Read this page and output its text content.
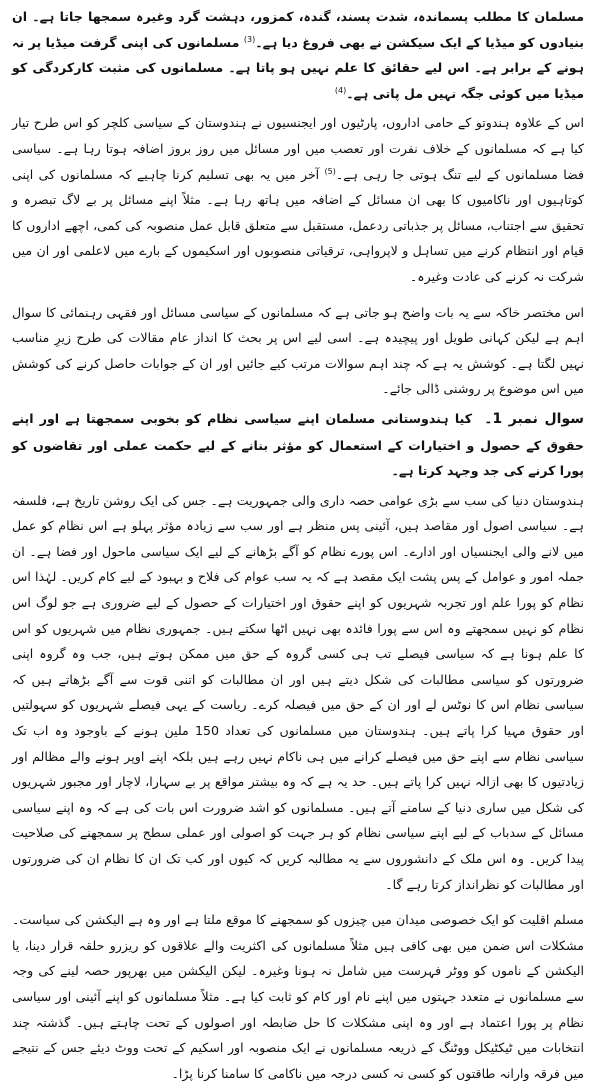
مسلمان کا مطلب پسماندہ، شدت پسند، گندہ، کمزور، دہشت گرد وغیرہ سمجھا جاتا ہے۔ ان بنیادوں کو میڈیا کے ایک سیکشن نے بھی فروغ دیا ہے۔$^{(3)}$ مسلمانوں کی اپنی گرفت میڈیا پر نہ ہونے کے برابر ہے۔ اس لیے حقائق کا علم نہیں ہو پاتا ہے۔ مسلمانوں کی مثبت کارکردگی کو میڈیا میں کوئی جگہ نہیں مل پاتی ہے۔$^{(4)}$

اس کے علاوہ ہندوتو کے حامی اداروں، پارٹیوں اور ایجنسیوں نے ہندوستان کے سیاسی کلچر کو اس طرح تیار کیا ہے کہ مسلمانوں کے خلاف نفرت اور تعصب میں اور مسائل میں روز بروز اضافہ ہوتا رہا ہے۔ سیاسی فضا مسلمانوں کے لیے تنگ ہوتی جا رہی ہے۔$^{(5)}$ آخر میں یہ بھی تسلیم کرنا چاہیے کہ مسلمانوں کی اپنی کوتاہیوں اور ناکامیوں کا بھی ان مسائل کے اضافہ میں ہاتھ رہا ہے۔ مثلاً اپنے مسائل پر بے لاگ تبصرہ و تحقیق سے اجتناب، مسائل پر جذباتی ردعمل، مستقبل سے متعلق قابل عمل منصوبہ کی کمی، اچھے اداروں کا قیام اور انتظام کرنے میں تساہل و لاپرواہی، ترقیاتی منصوبوں اور اسکیموں کے بارے میں لاعلمی اور ان میں شرکت نہ کرنے کی عادت وغیرہ۔

اس مختصر خاکہ سے یہ بات واضح ہو جاتی ہے کہ مسلمانوں کے سیاسی مسائل اور فقہی رہنمائی کا سوال اہم ہے لیکن کہانی طویل اور پیچیدہ ہے۔ اسی لیے اس پر بحث کا انداز عام مقالات کی طرح زیرِ مناسب نہیں لگتا ہے۔ کوشش یہ ہے کہ چند اہم سوالات مرتب کیے جائیں اور ان کے جوابات حاصل کرنے کی کوشش میں اس موضوع پر روشنی ڈالی جائے۔

سوال نمبر 1۔ کیا ہندوستانی مسلمان اپنے سیاسی نظام کو بخوبی سمجھتا ہے اور اپنے حقوق کے حصول و اختیارات کے استعمال کو مؤثر بنانے کے لیے حکمت عملی اور تقاضوں کو پورا کرنے کی جد وجہد کرتا ہے۔

ہندوستان دنیا کی سب سے بڑی عوامی حصہ داری والی جمہوریت ہے۔ جس کی ایک روشن تاریخ ہے، فلسفہ ہے۔ سیاسی اصول اور مقاصد ہیں، آئینی پس منظر ہے اور سب سے زیادہ مؤثر پہلو ہے اس نظام کو عمل میں لانے والی ایجنسیاں اور ادارے۔ اس پورے نظام کو آگے بڑھانے کے لیے ایک سیاسی ماحول اور فضا ہے۔ ان جملہ امور و عوامل کے پس پشت ایک مقصد ہے کہ یہ سب عوام کی فلاح و بہبود کے لیے کام کریں۔ لہٰذا اس نظام کو پورا علم اور تجربہ شہریوں کو اپنے حقوق اور اختیارات کے حصول کے لیے ضروری ہے جو لوگ اس نظام کو نہیں سمجھتے وہ اس سے پورا فائدہ بھی نہیں اٹھا سکتے ہیں۔ جمہوری نظام میں شہریوں کو اس کا علم ہونا ہے کہ سیاسی فیصلے تب ہی کسی گروہ کے حق میں ممکن ہوتے ہیں، جب وہ گروہ اپنی ضرورتوں کو سیاسی مطالبات کی شکل دیتے ہیں اور ان مطالبات کو اتنی قوت سے آگے بڑھاتے ہیں کہ سیاسی نظام اس کا نوٹس لے اور ان کے حق میں فیصلہ کرے۔ ریاست کے یہی فیصلے شہریوں کو سہولتیں اور حقوق مہیا کرا پاتے ہیں۔ ہندوستان میں مسلمانوں کی تعداد 150 ملین ہونے کے باوجود وہ اب تک سیاسی نظام سے اپنے حق میں فیصلے کرانے میں ہی ناکام نہیں رہے ہیں بلکہ اپنے اوپر ہونے والے مظالم اور زیادتیوں کا بھی ازالہ نہیں کرا پاتے ہیں۔ حد یہ ہے کہ وہ بیشتر مواقع پر بے سہارا، لاچار اور مجبور شہریوں کی شکل میں ساری دنیا کے سامنے آتے ہیں۔ مسلمانوں کو اشد ضرورت اس بات کی ہے کہ وہ اپنے سیاسی مسائل کے سدباب کے لیے اپنے سیاسی نظام کو ہر جہت کو اصولی اور عملی سطح پر سمجھنے کی صلاحیت پیدا کریں۔ وہ اس ملک کے دانشوروں سے یہ مطالبہ کریں کہ کیوں اور کب تک ان کا نظام ان کی ضرورتوں اور مطالبات کو نظرانداز کرتا رہے گا۔

مسلم اقلیت کو ایک خصوصی میدان میں چیزوں کو سمجھنے کا موقع ملتا ہے اور وہ ہے الیکشن کی سیاست۔ مشکلات اس ضمن میں بھی کافی ہیں مثلاً مسلمانوں کی اکثریت والے علاقوں کو ریزرو حلقہ قرار دینا، یا الیکشن کے ناموں کو ووٹر فہرست میں شامل نہ ہونا وغیرہ۔ لیکن الیکشن میں بھرپور حصہ لینے کی وجہ سے مسلمانوں نے متعدد جہتوں میں اپنے نام اور کام کو ثابت کیا ہے۔ مثلاً مسلمانوں کو اپنے آئینی اور سیاسی نظام پر پورا اعتماد ہے اور وہ اپنی مشکلات کا حل ضابطہ اور اصولوں کے تحت چاہتے ہیں۔ گذشتہ چند انتخابات میں ٹیکٹیکل ووٹنگ کے ذریعہ مسلمانوں نے ایک منصوبہ اور اسکیم کے تحت ووٹ دیئے جس کے نتیجے میں فرقہ وارانہ طاقتوں کو کسی نہ کسی درجہ میں ناکامی کا سامنا کرنا پڑا۔
